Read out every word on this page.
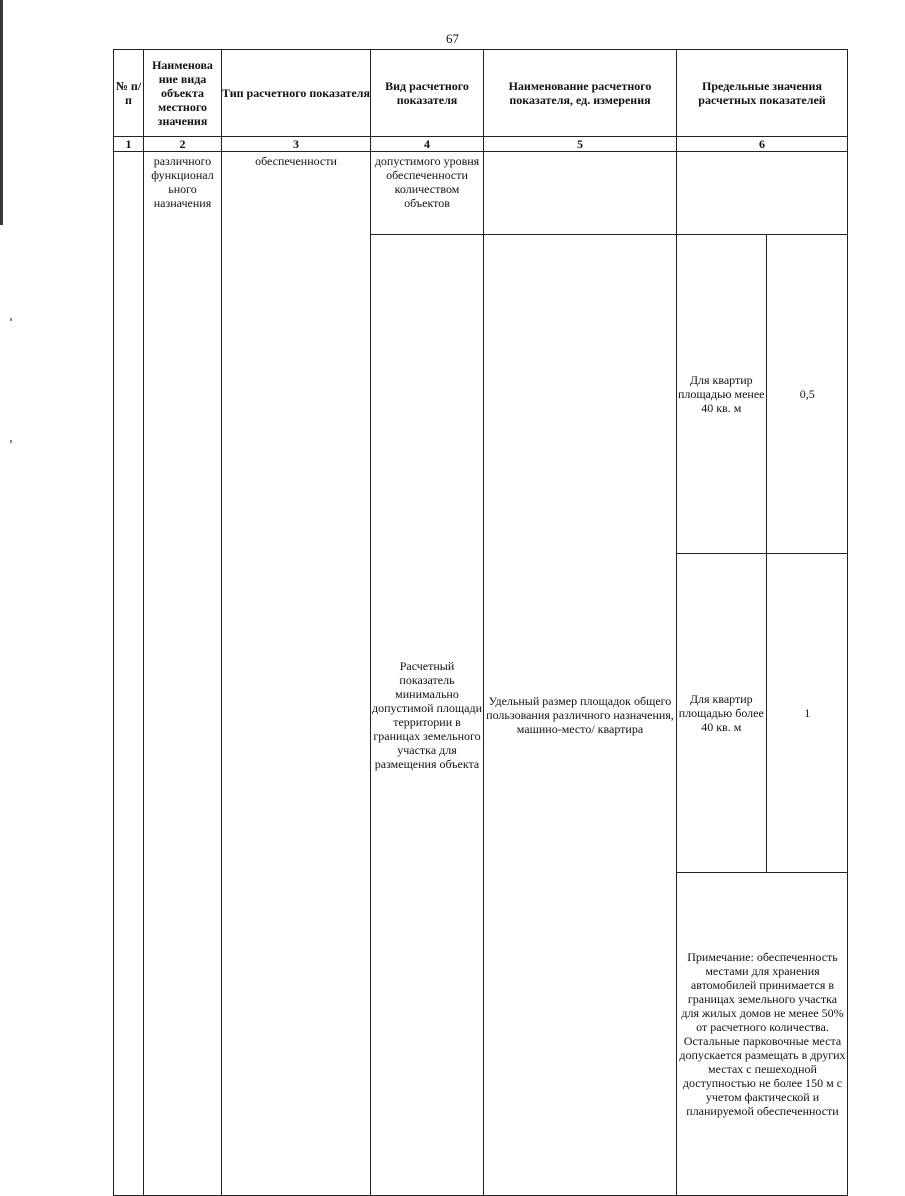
67
№ п/п	Наименова ние вида объекта местного значения	Тип расчетного показателя	Вид расчетного показателя	Наименование расчетного показателя, ед. измерения	Предельные значения расчетных показателей
1	2	3	4	5	6
	различного функционал ьного назначения	обеспеченности	допустимого уровня обеспеченности количеством объектов		
Расчетный показатель минимально допустимой площади территории в границах земельного участка для размещения объекта	Удельный размер площадок общего пользования различного назначения, машино-место/ квартира	
Для квартир площадью менее 40 кв. м	0,5
Для квартир площадью более 40 кв. м	1
Примечание: обеспеченность местами для хранения автомобилей принимается в границах земельного участка для жилых домов не менее 50% от расчетного количества. Остальные парковочные места допускается размещать в других местах с пешеходной доступностью не более 150 м с учетом фактической и планируемой обеспеченности
